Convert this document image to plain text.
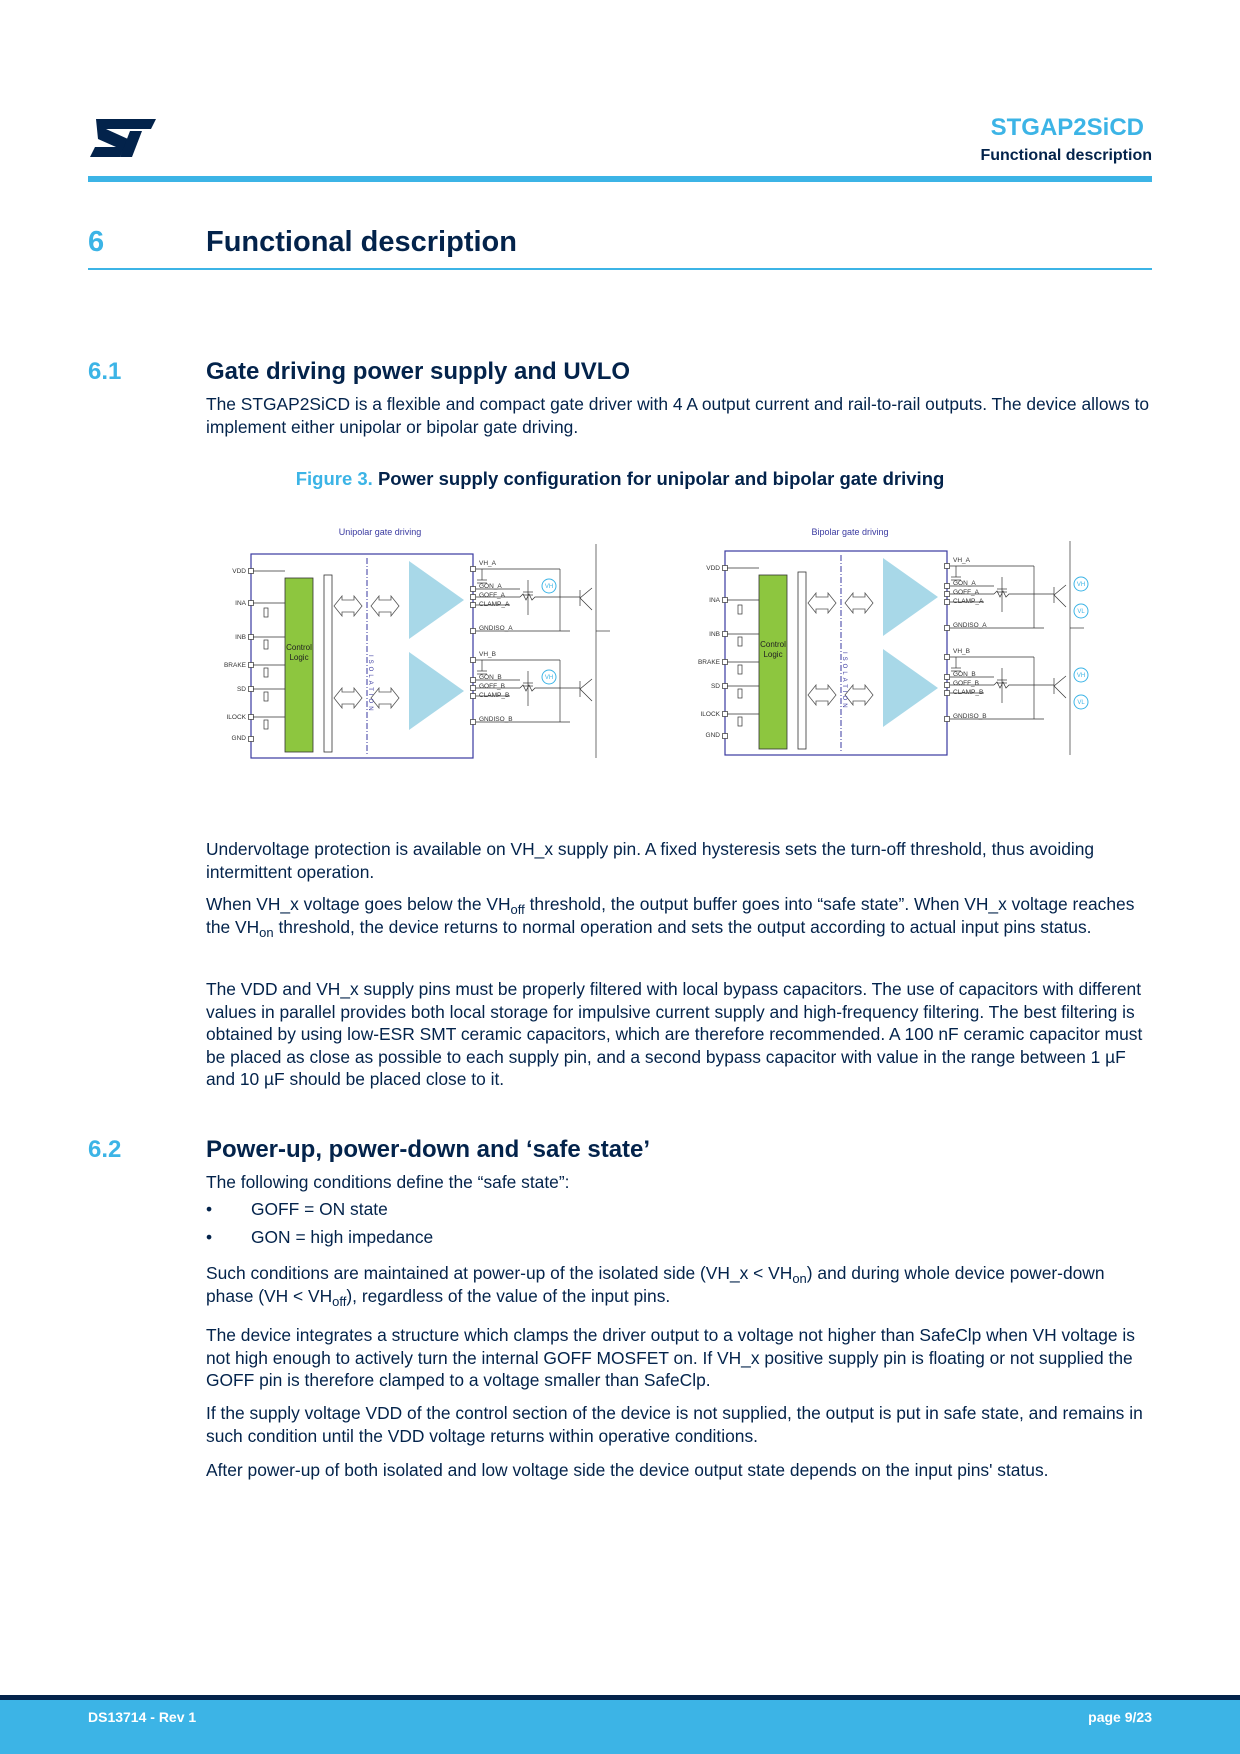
STGAP2SiCD
Functional description
6	Functional description
6.1	Gate driving power supply and UVLO

The STGAP2SiCD is a flexible and compact gate driver with 4 A output current and rail-to-rail outputs. The device allows to implement either unipolar or bipolar gate driving.

Figure 3. Power supply configuration for unipolar and bipolar gate driving
Unipolar gate driving
VDD
INA
INB
BRAKE
SD
ILOCK
GND
Control
Logic	ISOLATION
VH_A
GON_A
GOFF_A
CLAMP_A
GNDISO_A
VH_B
GON_B
GOFF_B
CLAMP_B
GNDISO_B
VH
VH
Bipolar gate driving
VDD
INA
INB
BRAKE
SD
ILOCK
GND
Control
Logic	ISOLATION
VH_A
GON_A
GOFF_A
CLAMP_A
GNDISO_A
VH_B
GON_B
GOFF_B
CLAMP_B
GNDISO_B
VH
VL
VH
VL

Undervoltage protection is available on VH_x supply pin. A fixed hysteresis sets the turn-off threshold, thus avoiding intermittent operation.

When VH_x voltage goes below the $VH_{off}$ threshold, the output buffer goes into “safe state”. When VH_x voltage reaches the $VH_{on}$ threshold, the device returns to normal operation and sets the output according to actual input pins status.

The VDD and VH_x supply pins must be properly filtered with local bypass capacitors. The use of capacitors with different values in parallel provides both local storage for impulsive current supply and high-frequency filtering. The best filtering is obtained by using low-ESR SMT ceramic capacitors, which are therefore recommended. A 100 nF ceramic capacitor must be placed as close as possible to each supply pin, and a second bypass capacitor with value in the range between 1 µF and 10 µF should be placed close to it.

6.2	Power-up, power-down and ‘safe state’

The following conditions define the “safe state”:

• GOFF = ON state
• GON = high impedance

Such conditions are maintained at power-up of the isolated side (VH_x < $VH_{on}$) and during whole device power-down phase $(VH < VH_{off})$, regardless of the value of the input pins.

The device integrates a structure which clamps the driver output to a voltage not higher than SafeClp when VH voltage is not high enough to actively turn the internal GOFF MOSFET on. If VH_x positive supply pin is floating or not supplied the GOFF pin is therefore clamped to a voltage smaller than SafeClp.

If the supply voltage VDD of the control section of the device is not supplied, the output is put in safe state, and remains in such condition until the VDD voltage returns within operative conditions.

After power-up of both isolated and low voltage side the device output state depends on the input pins' status.

DS13714 - Rev 1	page 9/23
